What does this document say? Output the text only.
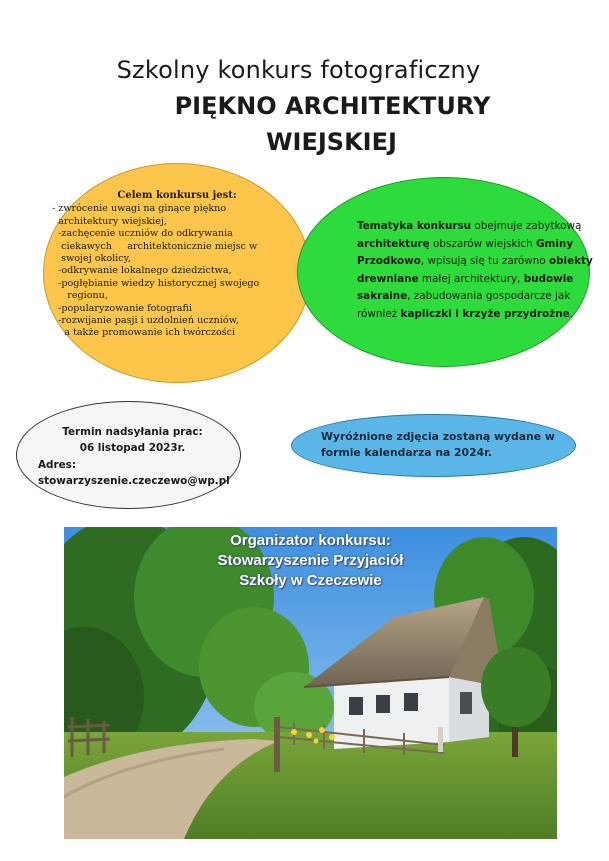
Szkolny konkurs fotograficzny
PIĘKNO ARCHITEKTURY
WIEJSKIEJ
Celem konkursu jest:
- zwrócenie uwagi na ginące piękno
architektury wiejskiej,
-zachęcenie uczniów do odkrywania
ciekawych     architektonicznie miejsc w
swojej okolicy,
-odkrywanie lokalnego dziedzictwa,
-pogłębianie wiedzy historycznej swojego
regionu,
-popularyzowanie fotografii
-rozwijanie pasji i uzdolnień uczniów,
a także promowanie ich twórczości
Tematyka konkursu obejmuje zabytkową architekturę obszarów wiejskich Gminy Przodkowo, wpisują się tu zarówno obiekty drewniane małej architektury, budowle sakralne, zabudowania gospodarcze jak również kapliczki i krzyże przydrożne.
Termin nadsyłania prac:
06 listopad 2023r.
Adres:
stowarzyszenie.czeczewo@wp.pl
Wyróżnione zdjęcia zostaną wydane w formie kalendarza na 2024r.
Organizator konkursu:
Stowarzyszenie Przyjaciół
Szkoły w Czeczewie
